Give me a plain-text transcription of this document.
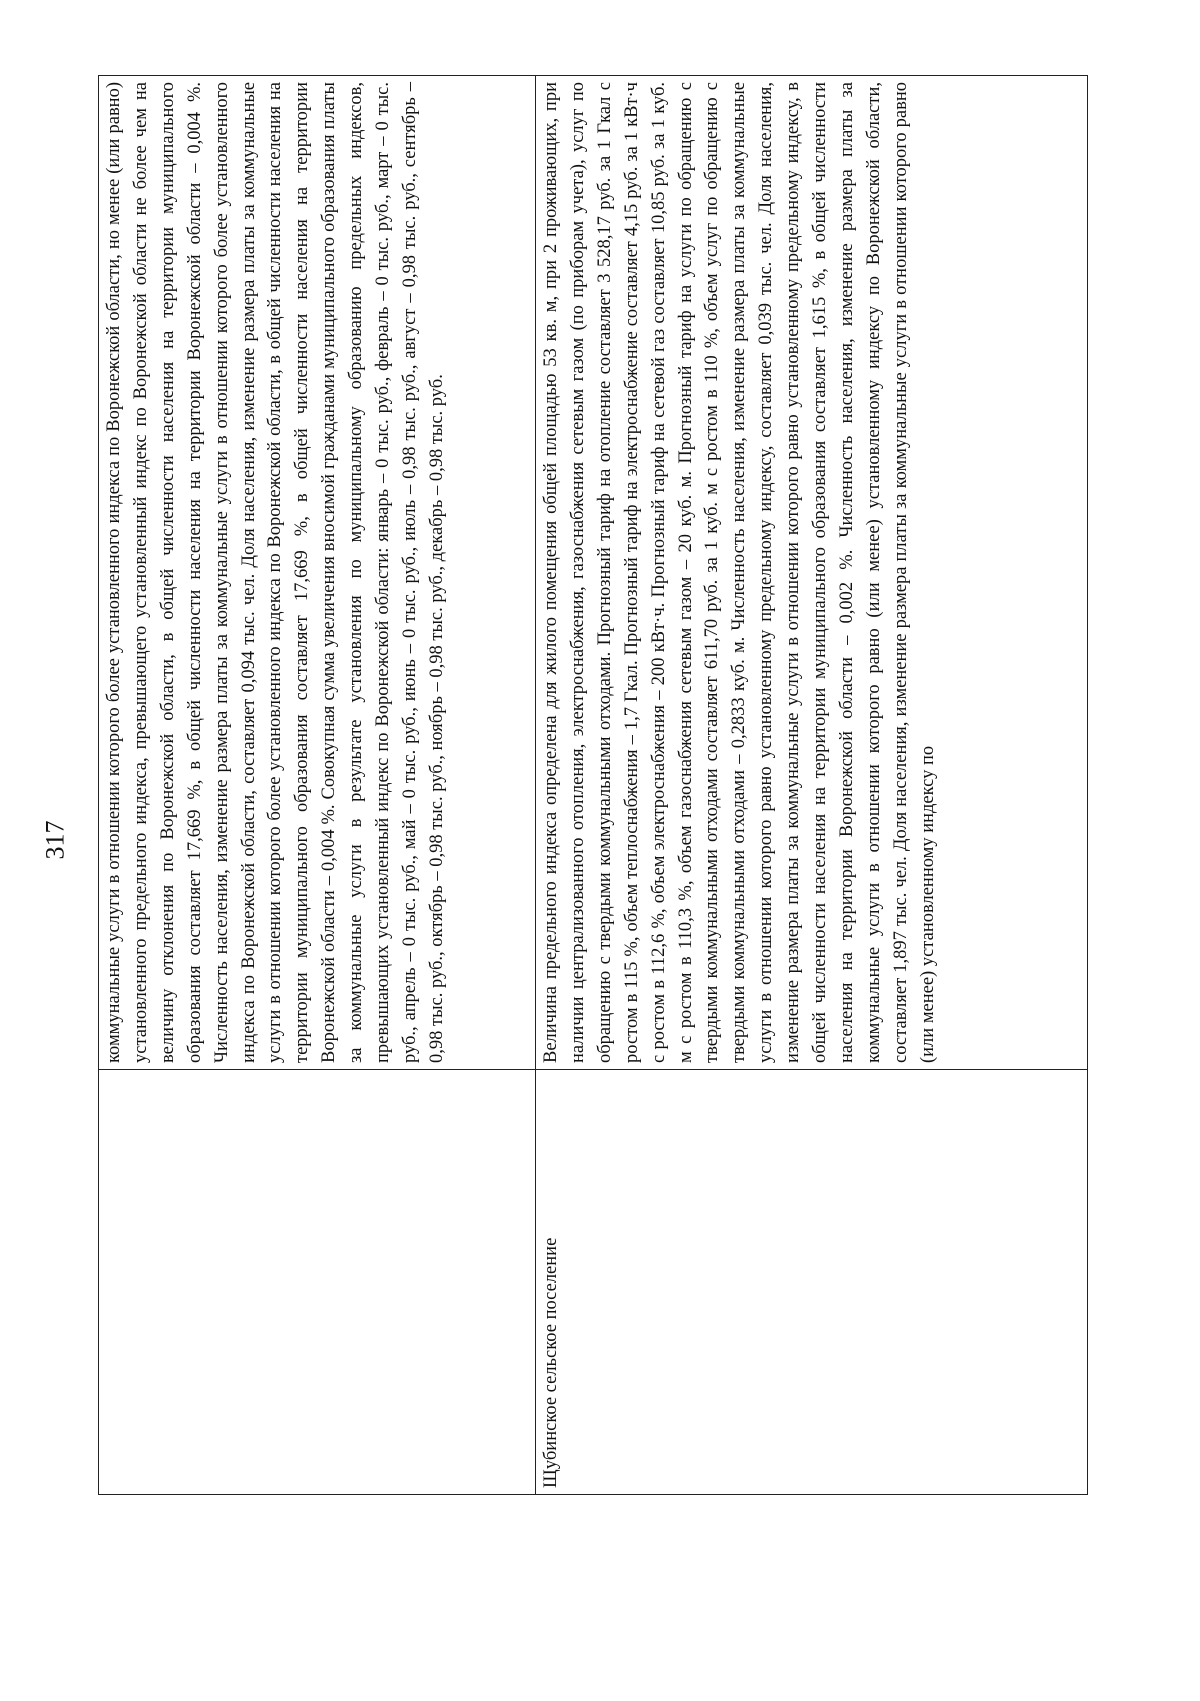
317 коммунальные услуги в отношении которого более установленного индекса по Воронежской области, но менее (или равно) установленного предельного индекса, превышающего установленный индекс по Воронежской области не более чем на величину отклонения по Воронежской области, в общей численности населения на территории муниципального образования составляет 17,669 %, в общей численности населения на территории Воронежской области – 0,004 %. Численность населения, изменение размера платы за коммунальные услуги в отношении которого более установленного индекса по Воронежской области, составляет 0,094 тыс. чел. Доля населения, изменение размера платы за коммунальные услуги в отношении которого более установленного индекса по Воронежской области, в общей численности населения на территории муниципального образования составляет 17,669 %, в общей численности населения на территории Воронежской области – 0,004 %. Совокупная сумма увеличения вносимой гражданами муниципального образования платы за коммунальные услуги в результате установления по муниципальному образованию предельных индексов, превышающих установленный индекс по Воронежской области: январь – 0 тыс. руб., февраль – 0 тыс. руб., март – 0 тыс. руб., апрель – 0 тыс. руб., май – 0 тыс. руб., июнь – 0 тыс. руб., июль – 0,98 тыс. руб., август – 0,98 тыс. руб., сентябрь – 0,98 тыс. руб., октябрь – 0,98 тыс. руб., ноябрь – 0,98 тыс. руб., декабрь – 0,98 тыс. руб.
Щубинское сельское поселение
Величина предельного индекса определена для жилого помещения общей площадью 53 кв. м, при 2 проживающих, при наличии централизованного отопления, электроснабжения, газоснабжения сетевым газом (по приборам учета), услуг по обращению с твердыми коммунальными отходами. Прогнозный тариф на отопление составляет 3 528,17 руб. за 1 Гкал с ростом в 115 %, объем теплоснабжения – 1,7 Гкал. Прогнозный тариф на электроснабжение составляет 4,15 руб. за 1 кВт·ч с ростом в 112,6 %, объем электроснабжения – 200 кВт·ч. Прогнозный тариф на сетевой газ составляет 10,85 руб. за 1 куб. м с ростом в 110,3 %, объем газоснабжения сетевым газом – 20 куб. м. Прогнозный тариф на услуги по обращению с твердыми коммунальными отходами составляет 611,70 руб. за 1 куб. м с ростом в 110 %, объем услуг по обращению с твердыми коммунальными отходами – 0,2833 куб. м. Численность населения, изменение размера платы за коммунальные услуги в отношении которого равно установленному предельному индексу, составляет 0,039 тыс. чел. Доля населения, изменение размера платы за коммунальные услуги в отношении которого равно установленному предельному индексу, в общей численности населения на территории муниципального образования составляет 1,615 %, в общей численности населения на территории Воронежской области – 0,002 %. Численность населения, изменение размера платы за коммунальные услуги в отношении которого равно (или менее) установленному индексу по Воронежской области, составляет 1,897 тыс. чел. Доля населения, изменение размера платы за коммунальные услуги в отношении которого равно (или менее) установленному индексу по
